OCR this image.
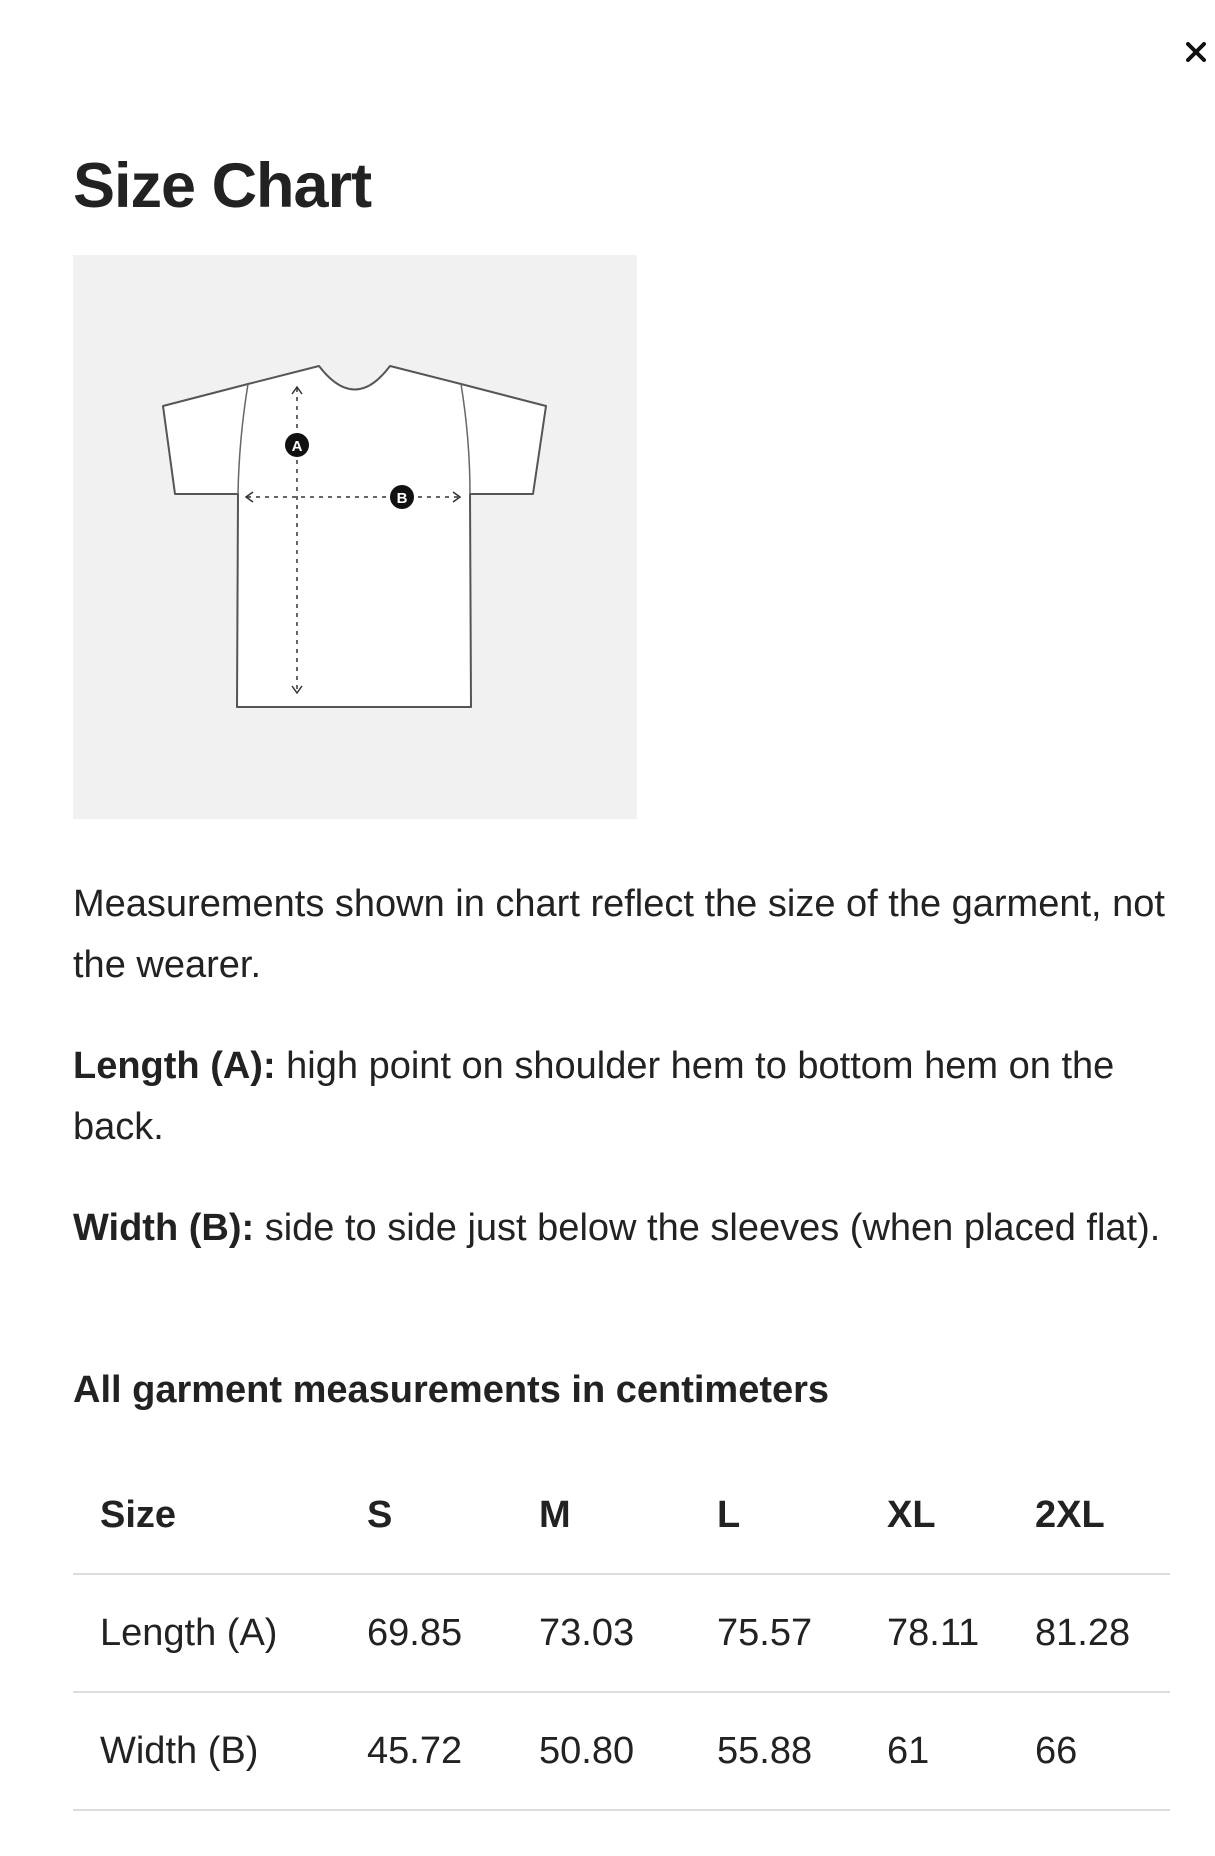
Size Chart
A
B

Measurements shown in chart reflect the size of the garment, not the wearer.

Length (A): high point on shoulder hem to bottom hem on the back.

Width (B): side to side just below the sleeves (when placed flat).

All garment measurements in centimeters
Size	S	M	L	XL	2XL
Length (A)	69.85	73.03	75.57	78.11	81.28
Width (B)	45.72	50.80	55.88	61	66
